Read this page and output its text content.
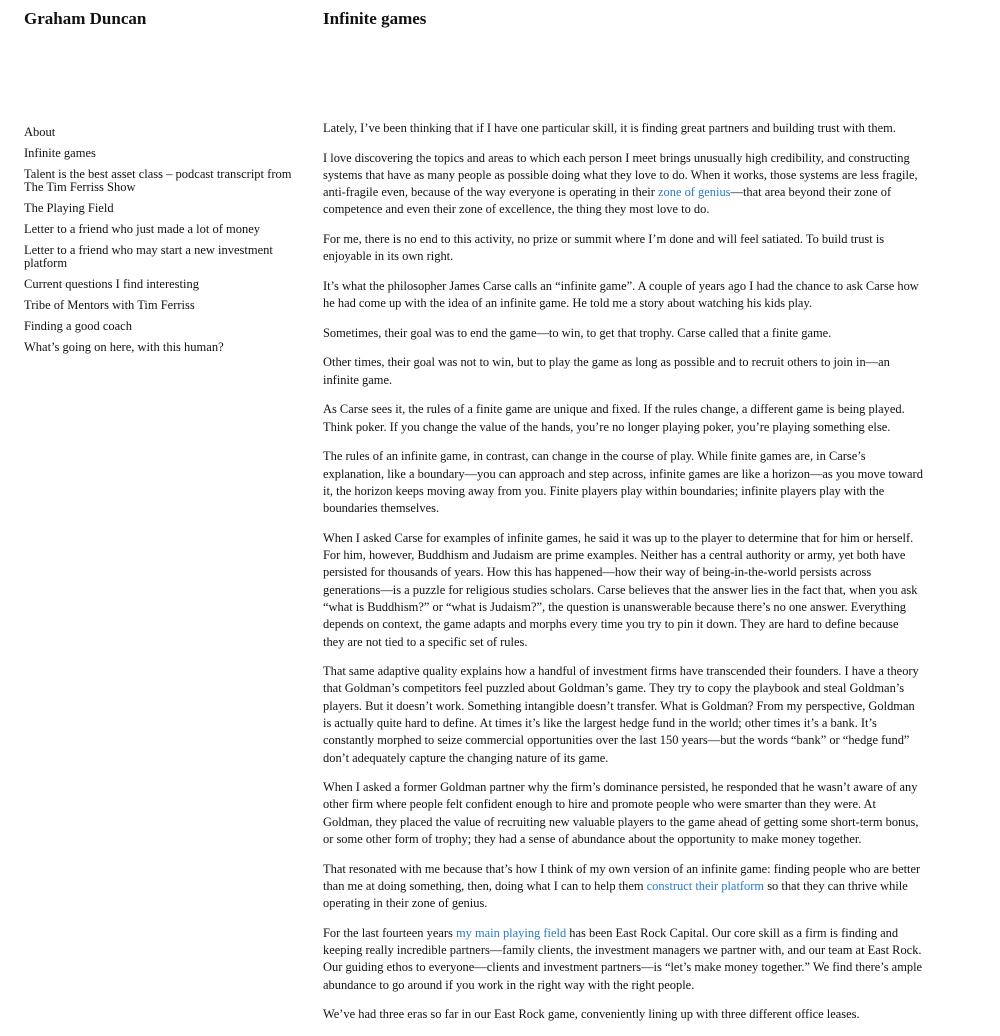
Graham Duncan
About
Infinite games
Talent is the best asset class – podcast transcript from The Tim Ferriss Show
The Playing Field
Letter to a friend who just made a lot of money
Letter to a friend who may start a new investment platform
Current questions I find interesting
Tribe of Mentors with Tim Ferriss
Finding a good coach
What’s going on here, with this human?
Infinite games

Lately, I’ve been thinking that if I have one particular skill, it is finding great partners and building trust with them.

I love discovering the topics and areas to which each person I meet brings unusually high credibility, and constructing systems that have as many people as possible doing what they love to do. When it works, those systems are less fragile, anti-fragile even, because of the way everyone is operating in their zone of genius—that area beyond their zone of competence and even their zone of excellence, the thing they most love to do.

For me, there is no end to this activity, no prize or summit where I’m done and will feel satiated. To build trust is enjoyable in its own right.

It’s what the philosopher James Carse calls an “infinite game”. A couple of years ago I had the chance to ask Carse how he had come up with the idea of an infinite game. He told me a story about watching his kids play.

Sometimes, their goal was to end the game—to win, to get that trophy. Carse called that a finite game.

Other times, their goal was not to win, but to play the game as long as possible and to recruit others to join in—an infinite game.

As Carse sees it, the rules of a finite game are unique and fixed. If the rules change, a different game is being played. Think poker. If you change the value of the hands, you’re no longer playing poker, you’re playing something else.

The rules of an infinite game, in contrast, can change in the course of play. While finite games are, in Carse’s explanation, like a boundary—you can approach and step across, infinite games are like a horizon—as you move toward it, the horizon keeps moving away from you. Finite players play within boundaries; infinite players play with the boundaries themselves.

When I asked Carse for examples of infinite games, he said it was up to the player to determine that for him or herself. For him, however, Buddhism and Judaism are prime examples. Neither has a central authority or army, yet both have persisted for thousands of years. How this has happened—how their way of being-in-the-world persists across generations—is a puzzle for religious studies scholars. Carse believes that the answer lies in the fact that, when you ask “what is Buddhism?” or “what is Judaism?”, the question is unanswerable because there’s no one answer. Everything depends on context, the game adapts and morphs every time you try to pin it down. They are hard to define because they are not tied to a specific set of rules.

That same adaptive quality explains how a handful of investment firms have transcended their founders. I have a theory that Goldman’s competitors feel puzzled about Goldman’s game. They try to copy the playbook and steal Goldman’s players. But it doesn’t work. Something intangible doesn’t transfer. What is Goldman? From my perspective, Goldman is actually quite hard to define. At times it’s like the largest hedge fund in the world; other times it’s a bank. It’s constantly morphed to seize commercial opportunities over the last 150 years—but the words “bank” or “hedge fund” don’t adequately capture the changing nature of its game.

When I asked a former Goldman partner why the firm’s dominance persisted, he responded that he wasn’t aware of any other firm where people felt confident enough to hire and promote people who were smarter than they were. At Goldman, they placed the value of recruiting new valuable players to the game ahead of getting some short-term bonus, or some other form of trophy; they had a sense of abundance about the opportunity to make money together.

That resonated with me because that’s how I think of my own version of an infinite game: finding people who are better than me at doing something, then, doing what I can to help them construct their platform so that they can thrive while operating in their zone of genius.

For the last fourteen years my main playing field has been East Rock Capital. Our core skill as a firm is finding and keeping really incredible partners—family clients, the investment managers we partner with, and our team at East Rock. Our guiding ethos to everyone—clients and investment partners—is “let’s make money together.” We find there’s ample abundance to go around if you work in the right way with the right people.

We’ve had three eras so far in our East Rock game, conveniently lining up with three different office leases.
